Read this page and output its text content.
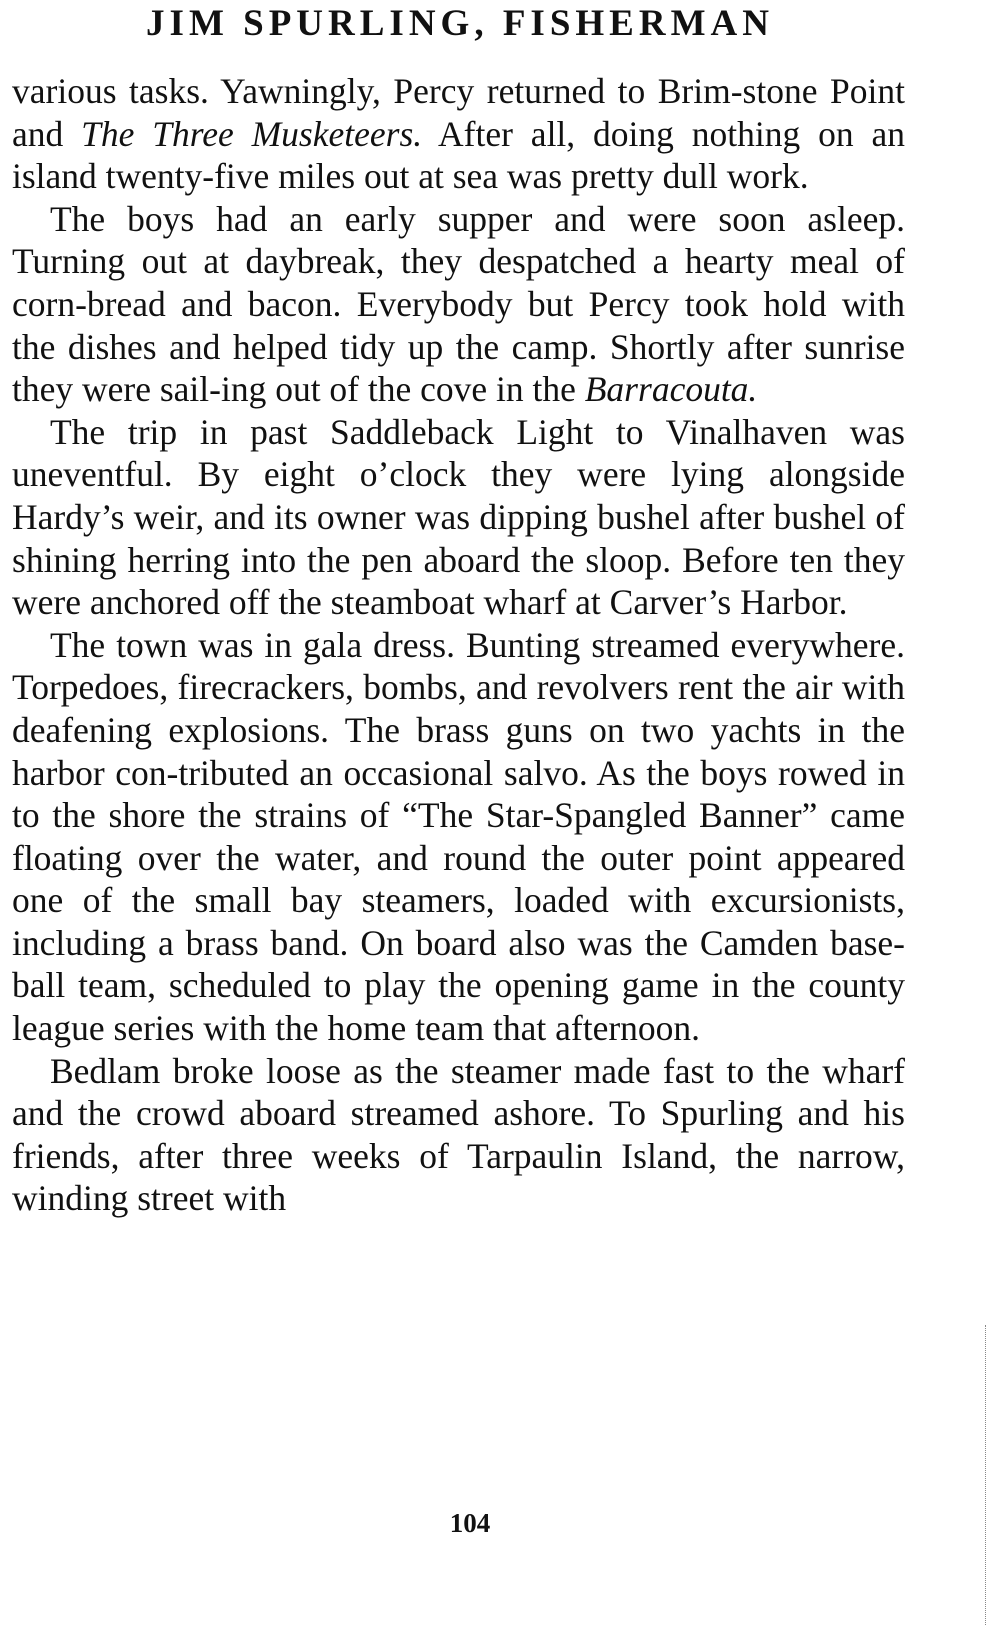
JIM SPURLING, FISHERMAN

various tasks. Yawningly, Percy returned to Brim-stone Point and The Three Musketeers. After all, doing nothing on an island twenty-five miles out at sea was pretty dull work.

The boys had an early supper and were soon asleep. Turning out at daybreak, they despatched a hearty meal of corn-bread and bacon. Everybody but Percy took hold with the dishes and helped tidy up the camp. Shortly after sunrise they were sail-ing out of the cove in the Barracouta.

The trip in past Saddleback Light to Vinalhaven was uneventful. By eight o’clock they were lying alongside Hardy’s weir, and its owner was dipping bushel after bushel of shining herring into the pen aboard the sloop. Before ten they were anchored off the steamboat wharf at Carver’s Harbor.

The town was in gala dress. Bunting streamed everywhere. Torpedoes, firecrackers, bombs, and revolvers rent the air with deafening explosions. The brass guns on two yachts in the harbor con-tributed an occasional salvo. As the boys rowed in to the shore the strains of “The Star-Spangled Banner” came floating over the water, and round the outer point appeared one of the small bay steamers, loaded with excursionists, including a brass band. On board also was the Camden base-ball team, scheduled to play the opening game in the county league series with the home team that afternoon.

Bedlam broke loose as the steamer made fast to the wharf and the crowd aboard streamed ashore. To Spurling and his friends, after three weeks of Tarpaulin Island, the narrow, winding street with

104
